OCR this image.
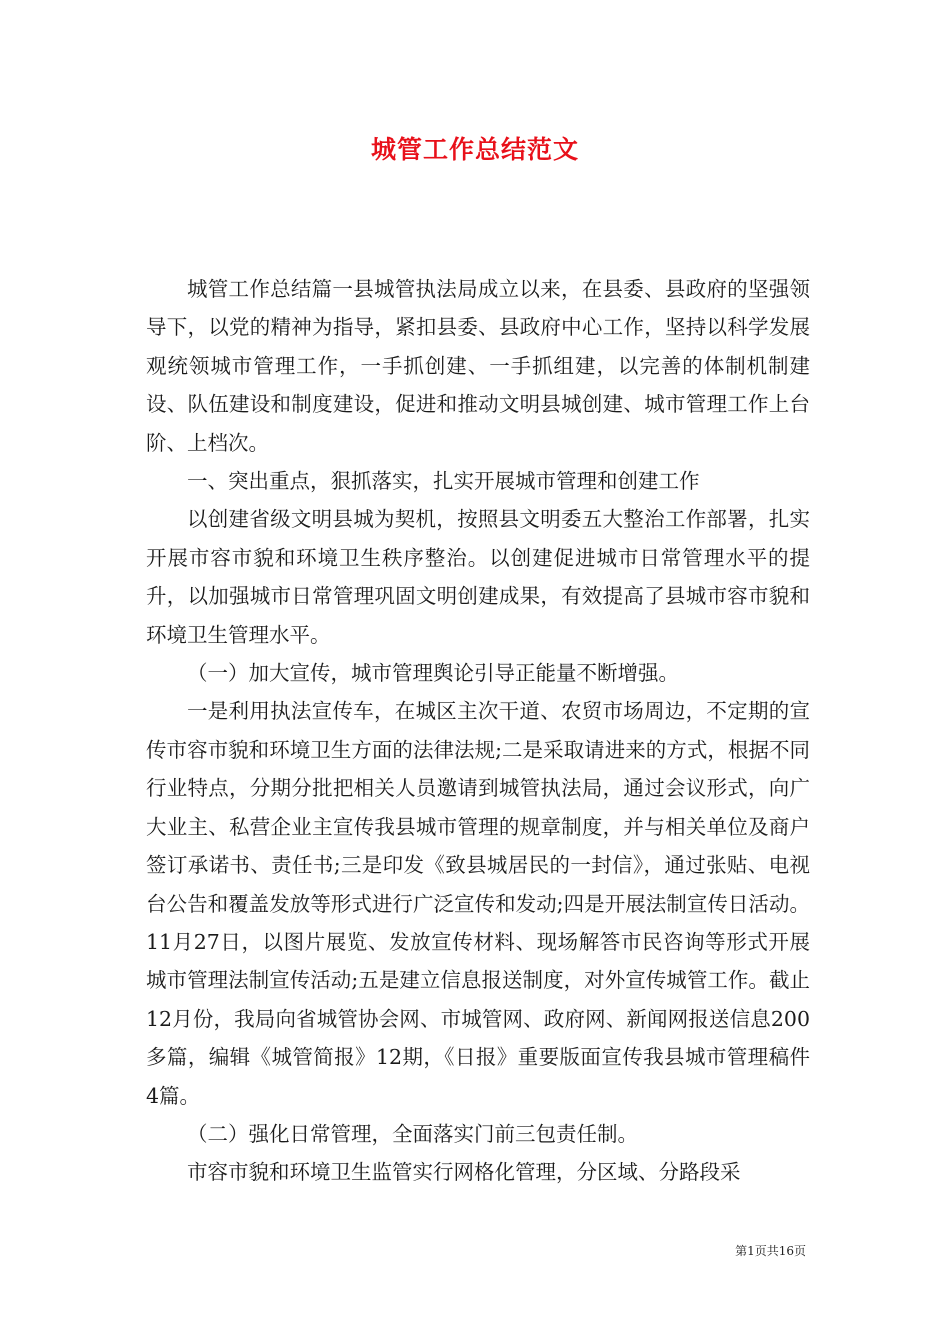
城管工作总结范文

城管工作总结篇一县城管执法局成立以来，在县委、县政府的坚强领导下，以党的精神为指导，紧扣县委、县政府中心工作，坚持以科学发展观统领城市管理工作，一手抓创建、一手抓组建，以完善的体制机制建设、队伍建设和制度建设，促进和推动文明县城创建、城市管理工作上台阶、上档次。

一、突出重点，狠抓落实，扎实开展城市管理和创建工作

以创建省级文明县城为契机，按照县文明委五大整治工作部署，扎实开展市容市貌和环境卫生秩序整治。以创建促进城市日常管理水平的提升，以加强城市日常管理巩固文明创建成果，有效提高了县城市容市貌和环境卫生管理水平。

（一）加大宣传，城市管理舆论引导正能量不断增强。

一是利用执法宣传车，在城区主次干道、农贸市场周边，不定期的宣传市容市貌和环境卫生方面的法律法规;二是采取请进来的方式，根据不同行业特点，分期分批把相关人员邀请到城管执法局，通过会议形式，向广大业主、私营企业主宣传我县城市管理的规章制度，并与相关单位及商户签订承诺书、责任书;三是印发《致县城居民的一封信》，通过张贴、电视台公告和覆盖发放等形式进行广泛宣传和发动;四是开展法制宣传日活动。11月27日，以图片展览、发放宣传材料、现场解答市民咨询等形式开展城市管理法制宣传活动;五是建立信息报送制度，对外宣传城管工作。截止12月份，我局向省城管协会网、市城管网、政府网、新闻网报送信息200多篇，编辑《城管简报》12期，《日报》重要版面宣传我县城市管理稿件4篇。

（二）强化日常管理，全面落实门前三包责任制。

市容市貌和环境卫生监管实行网格化管理，分区域、分路段采

第1页共16页
